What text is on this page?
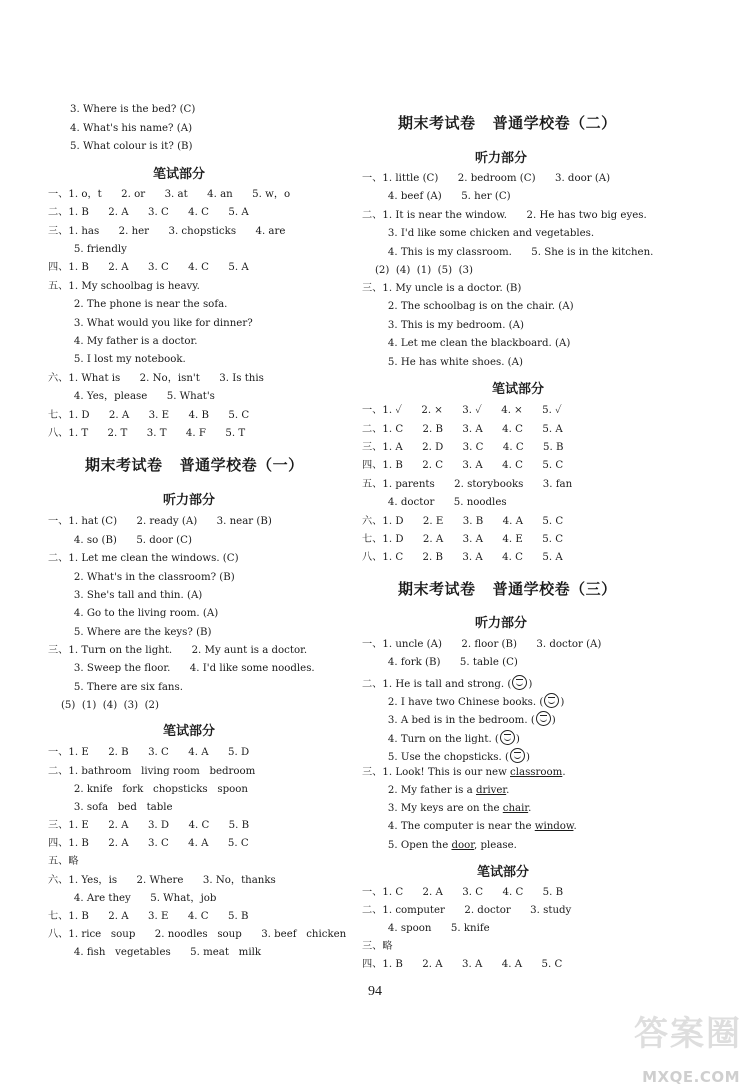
3. Where is the bed? (C)
4. What's his name? (A)
5. What colour is it? (B)
笔试部分
一、1. o，t      2. or      3. at      4. an      5. w，o
二、1. B      2. A      3. C      4. C      5. A
三、1. has      2. her      3. chopsticks      4. are
5. friendly
四、1. B      2. A      3. C      4. C      5. A
五、1. My schoolbag is heavy.
2. The phone is near the sofa.
3. What would you like for dinner?
4. My father is a doctor.
5. I lost my notebook.
六、1. What is      2. No，isn't      3. Is this
4. Yes，please      5. What's
七、1. D      2. A      3. E      4. B      5. C
八、1. T      2. T      3. T      4. F      5. T
期末考试卷   普通学校卷（一）
听力部分
一、1. hat (C)      2. ready (A)      3. near (B)
4. so (B)      5. door (C)
二、1. Let me clean the windows. (C)
2. What's in the classroom? (B)
3. She's tall and thin. (A)
4. Go to the living room. (A)
5. Where are the keys? (B)
三、1. Turn on the light.      2. My aunt is a doctor.
3. Sweep the floor.      4. I'd like some noodles.
5. There are six fans.
(5)  (1)  (4)  (3)  (2)
笔试部分
一、1. E      2. B      3. C      4. A      5. D
二、1. bathroom   living room   bedroom
2. knife   fork   chopsticks   spoon
3. sofa   bed   table
三、1. E      2. A      3. D      4. C      5. B
四、1. B      2. A      3. C      4. A      5. C
五、略
六、1. Yes，is      2. Where      3. No，thanks
4. Are they      5. What，job
七、1. B      2. A      3. E      4. C      5. B
八、1. rice   soup      2. noodles   soup      3. beef   chicken
4. fish   vegetables      5. meat   milk
期末考试卷   普通学校卷（二）
听力部分
一、1. little (C)      2. bedroom (C)      3. door (A)
4. beef (A)      5. her (C)
二、1. It is near the window.      2. He has two big eyes.
3. I'd like some chicken and vegetables.
4. This is my classroom.      5. She is in the kitchen.
(2)  (4)  (1)  (5)  (3)
三、1. My uncle is a doctor. (B)
2. The schoolbag is on the chair. (A)
3. This is my bedroom. (A)
4. Let me clean the blackboard. (A)
5. He has white shoes. (A)
笔试部分
一、1. ✓      2. ×      3. ✓      4. ×      5. ✓
二、1. C      2. B      3. A      4. C      5. A
三、1. A      2. D      3. C      4. C      5. B
四、1. B      2. C      3. A      4. C      5. C
五、1. parents      2. storybooks      3. fan
4. doctor      5. noodles
六、1. D      2. E      3. B      4. A      5. C
七、1. D      2. A      3. A      4. E      5. C
八、1. C      2. B      3. A      4. C      5. A
期末考试卷   普通学校卷（三）
听力部分
一、1. uncle (A)      2. floor (B)      3. doctor (A)
4. fork (B)      5. table (C)
二、1. He is tall and strong. ( )
2. I have two Chinese books. ( )
3. A bed is in the bedroom. ( )
4. Turn on the light. ( )
5. Use the chopsticks. ( )
三、1. Look! This is our new classroom.
2. My father is a driver.
3. My keys are on the chair.
4. The computer is near the window.
5. Open the door, please.
笔试部分
一、1. C      2. A      3. C      4. C      5. B
二、1. computer      2. doctor      3. study
4. spoon      5. knife
三、略
四、1. B      2. A      3. A      4. A      5. C
94
答案圈
MXQE.COM
